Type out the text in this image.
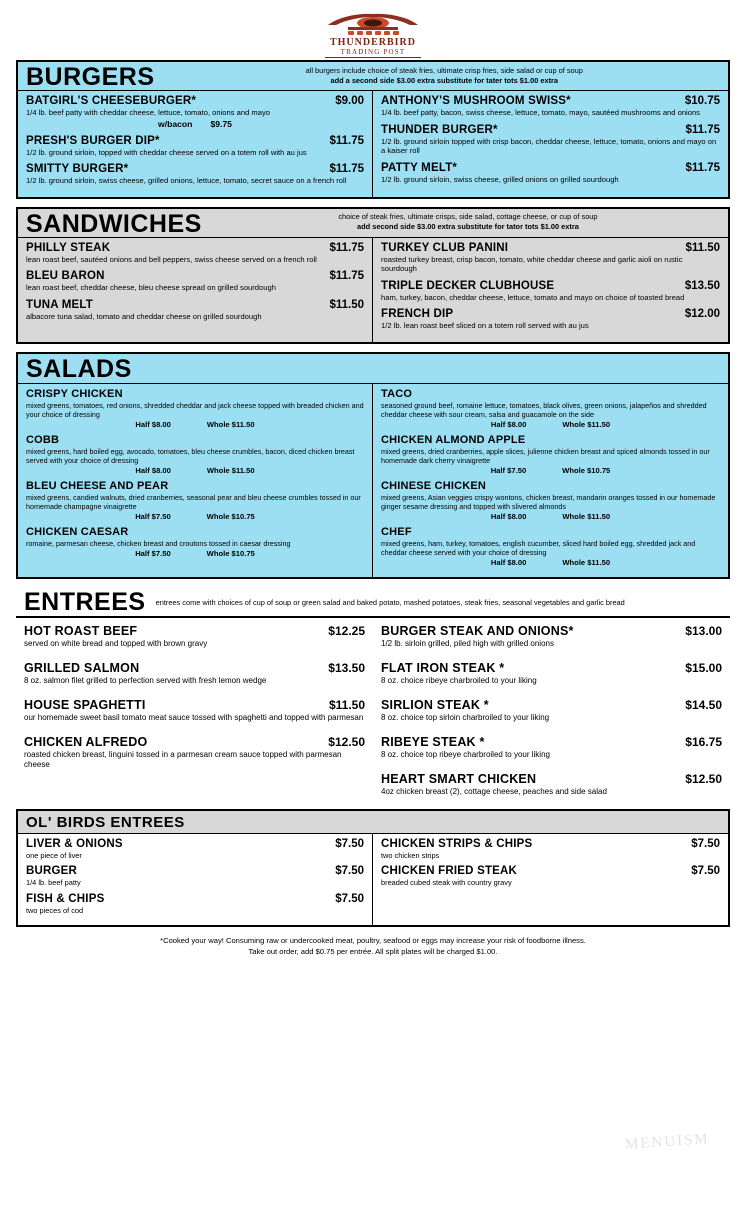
THUNDERBIRD
TRADING POST
BURGERS	all burgers include choice of steak fries, ultimate crisp fries, side salad or cup of soup
add a second side $3.00 extra substitute for tater tots $1.00 extra
BATGIRL'S CHEESEBURGER*	$9.00
1/4 lb. beef patty with cheddar cheese, lettuce, tomato, onions and mayo
w/bacon $9.75
PRESH'S BURGER DIP*	$11.75
1/2 lb. ground sirloin, topped with cheddar cheese served on a totem roll with au jus
SMITTY BURGER*	$11.75
1/2 lb. ground sirloin, swiss cheese, grilled onions, lettuce, tomato, secret sauce on a french roll
ANTHONY'S MUSHROOM SWISS*	$10.75
1/4 lb. beef patty, bacon, swiss cheese, lettuce, tomato, mayo, sautéed mushrooms and onions
THUNDER BURGER*	$11.75
1/2 lb. ground sirloin topped with crisp bacon, cheddar cheese, lettuce, tomato, onions and mayo on a kaiser roll
PATTY MELT*	$11.75
1/2 lb. ground sirloin, swiss cheese, grilled onions on grilled sourdough
SANDWICHES	choice of steak fries, ultimate crisps, side salad, cottage cheese, or cup of soup
add second side $3.00 extra substitute for tator tots $1.00 extra
PHILLY STEAK	$11.75
lean roast beef, sautéed onions and bell peppers, swiss cheese served on a french roll
BLEU BARON	$11.75
lean roast beef, cheddar cheese, bleu cheese spread on grilled sourdough
TUNA MELT	$11.50
albacore tuna salad, tomato and cheddar cheese on grilled sourdough
TURKEY CLUB PANINI	$11.50
roasted turkey breast, crisp bacon, tomato, white cheddar cheese and garlic aioli on rustic sourdough
TRIPLE DECKER CLUBHOUSE	$13.50
ham, turkey, bacon, cheddar cheese, lettuce, tomato and mayo on choice of toasted bread
FRENCH DIP	$12.00
1/2 lb. lean roast beef sliced on a totem roll served with au jus
SALADS
CRISPY CHICKEN
mixed greens, tomatoes, red onions, shredded cheddar and jack cheese topped with breaded chicken and your choice of dressing
Half $8.00	Whole $11.50
COBB
mixed greens, hard boiled egg, avocado, tomatoes, bleu cheese crumbles, bacon, diced chicken breast served with your choice of dressing
Half $8.00	Whole $11.50
BLEU CHEESE AND PEAR
mixed greens, candied walnuts, dried cranberries, seasonal pear and bleu cheese crumbles tossed in our homemade champagne vinaigrette
Half $7.50	Whole $10.75
CHICKEN CAESAR
romaine, parmesan cheese, chicken breast and croutons tossed in caesar dressing
Half $7.50	Whole $10.75
TACO
seasoned ground beef, romaine lettuce, tomatoes, black olives, green onions, jalapeños and shredded cheddar cheese with sour cream, salsa and guacamole on the side
Half $8.00	Whole $11.50
CHICKEN ALMOND APPLE
mixed greens, dried cranberries, apple slices, julienne chicken breast and spiced almonds tossed in our homemade dark cherry vinaigrette
Half $7.50	Whole $10.75
CHINESE CHICKEN
mixed greens, Asian veggies crispy wontons, chicken breast, mandarin oranges tossed in our homemade ginger sesame dressing and topped with slivered almonds
Half $8.00	Whole $11.50
CHEF
mixed greens, ham, turkey, tomatoes, english cucumber, sliced hard boiled egg, shredded jack and cheddar cheese served with your choice of dressing
Half $8.00	Whole $11.50
ENTREES entrees come with choices of cup of soup or green salad and baked potato, mashed potatoes, steak fries, seasonal vegetables and garlic bread
HOT ROAST BEEF	$12.25
served on white bread and topped with brown gravy
GRILLED SALMON	$13.50
8 oz. salmon filet grilled to perfection served with fresh lemon wedge
HOUSE SPAGHETTI	$11.50
our homemade sweet basil tomato meat sauce tossed with spaghetti and topped with parmesan
CHICKEN ALFREDO	$12.50
roasted chicken breast, linguini tossed in a parmesan cream sauce topped with parmesan cheese
BURGER STEAK AND ONIONS*	$13.00
1/2 lb. sirloin grilled, piled high with grilled onions
FLAT IRON STEAK *	$15.00
8 oz. choice ribeye charbroiled to your liking
SIRLION STEAK *	$14.50
8 oz. choice top sirloin charbroiled to your liking
RIBEYE STEAK *	$16.75
8 oz. choice top ribeye charbroiled to your liking
HEART SMART CHICKEN	$12.50
4oz chicken breast (2), cottage cheese, peaches and side salad
OL' BIRDS ENTREES
LIVER & ONIONS	$7.50
one piece of liver
BURGER	$7.50
1/4 lb. beef patty
FISH & CHIPS	$7.50
two pieces of cod
CHICKEN STRIPS & CHIPS	$7.50
two chicken strips
CHICKEN FRIED STEAK	$7.50
breaded cubed steak with country gravy
*Cooked your way! Consuming raw or undercooked meat, poultry, seafood or eggs may increase your risk of foodborne illness.
Take out order, add $0.75 per entrée. All split plates will be charged $1.00.
MENUISM
